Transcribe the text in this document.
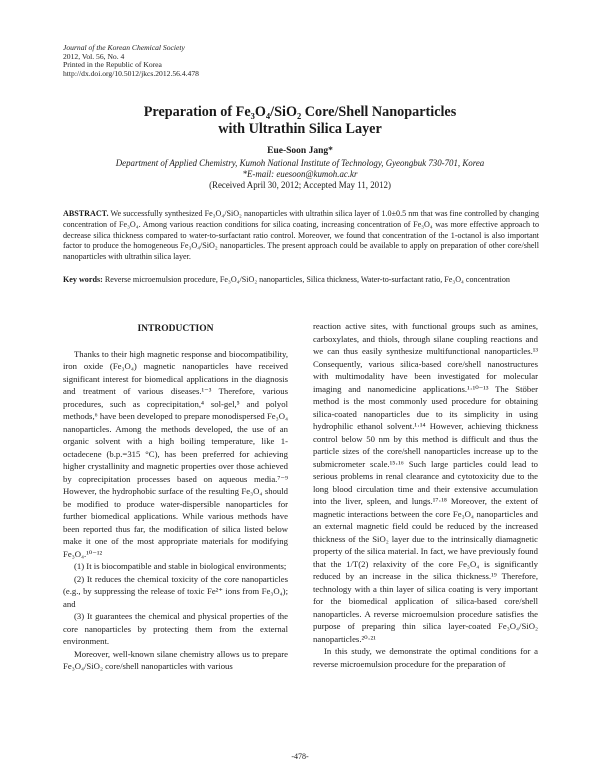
Journal of the Korean Chemical Society
2012, Vol. 56, No. 4
Printed in the Republic of Korea
http://dx.doi.org/10.5012/jkcs.2012.56.4.478
Preparation of Fe₃O₄/SiO₂ Core/Shell Nanoparticles
with Ultrathin Silica Layer
Eue-Soon Jang*
Department of Applied Chemistry, Kumoh National Institute of Technology, Gyeongbuk 730-701, Korea
*E-mail: euesoon@kumoh.ac.kr
(Received April 30, 2012; Accepted May 11, 2012)
ABSTRACT. We successfully synthesized Fe₃O₄/SiO₂ nanoparticles with ultrathin silica layer of 1.0±0.5 nm that was fine controlled by changing concentration of Fe₃O₄. Among various reaction conditions for silica coating, increasing concentration of Fe₃O₄ was more effective approach to decrease silica thickness compared to water-to-surfactant ratio control. Moreover, we found that concentration of the 1-octanol is also important factor to produce the homogeneous Fe₃O₄/SiO₂ nanoparticles. The present approach could be available to apply on preparation of other core/shell nanoparticles with ultrathin silica layer.
Key words: Reverse microemulsion procedure, Fe₃O₄/SiO₂ nanoparticles, Silica thickness, Water-to-surfactant ratio, Fe₃O₄ concentration
INTRODUCTION

Thanks to their high magnetic response and biocompatibility, iron oxide (Fe₃O₄) magnetic nanoparticles have received significant interest for biomedical applications in the diagnosis and treatment of various diseases.¹⁻³ Therefore, various procedures, such as coprecipitation,⁴ sol-gel,⁵ and polyol methods,⁶ have been developed to prepare monodispersed Fe₃O₄ nanoparticles. Among the methods developed, the use of an organic solvent with a high boiling temperature, like 1-octadecene (b.p.=315 °C), has been preferred for achieving higher crystallinity and magnetic properties over those achieved by coprecipitation processes based on aqueous media.⁷⁻⁹ However, the hydrophobic surface of the resulting Fe₃O₄ should be modified to produce water-dispersible nanoparticles for further biomedical applications. While various methods have been reported thus far, the modification of silica listed below make it one of the most appropriate materials for modifying Fe₃O₄.¹⁰⁻¹²

(1) It is biocompatible and stable in biological environments;

(2) It reduces the chemical toxicity of the core nanoparticles (e.g., by suppressing the release of toxic Fe²⁺ ions from Fe₃O₄); and

(3) It guarantees the chemical and physical properties of the core nanoparticles by protecting them from the external environment.

Moreover, well-known silane chemistry allows us to prepare Fe₃O₄/SiO₂ core/shell nanoparticles with various

reaction active sites, with functional groups such as amines, carboxylates, and thiols, through silane coupling reactions and we can thus easily synthesize multifunctional nanoparticles.¹³ Consequently, various silica-based core/shell nanostructures with multimodality have been investigated for molecular imaging and nanomedicine applications.¹·¹⁰⁻¹³ The Stöber method is the most commonly used procedure for obtaining silica-coated nanoparticles due to its simplicity in using hydrophilic ethanol solvent.¹·¹⁴ However, achieving thickness control below 50 nm by this method is difficult and thus the particle sizes of the core/shell nanoparticles increase up to the submicrometer scale.¹⁵·¹⁶ Such large particles could lead to serious problems in renal clearance and cytotoxicity due to the long blood circulation time and their extensive accumulation into the liver, spleen, and lungs.¹⁷·¹⁸ Moreover, the extent of magnetic interactions between the core Fe₃O₄ nanoparticles and an external magnetic field could be reduced by the increased thickness of the SiO₂ layer due to the intrinsically diamagnetic property of the silica material. In fact, we have previously found that the 1/T(2) relaxivity of the core Fe₃O₄ is significantly reduced by an increase in the silica thickness.¹⁹ Therefore, technology with a thin layer of silica coating is very important for the biomedical application of silica-based core/shell nanoparticles. A reverse microemulsion procedure satisfies the purpose of preparing thin silica layer-coated Fe₃O₄/SiO₂ nanoparticles.²⁰·²¹

In this study, we demonstrate the optimal conditions for a reverse microemulsion procedure for the preparation of

-478-
